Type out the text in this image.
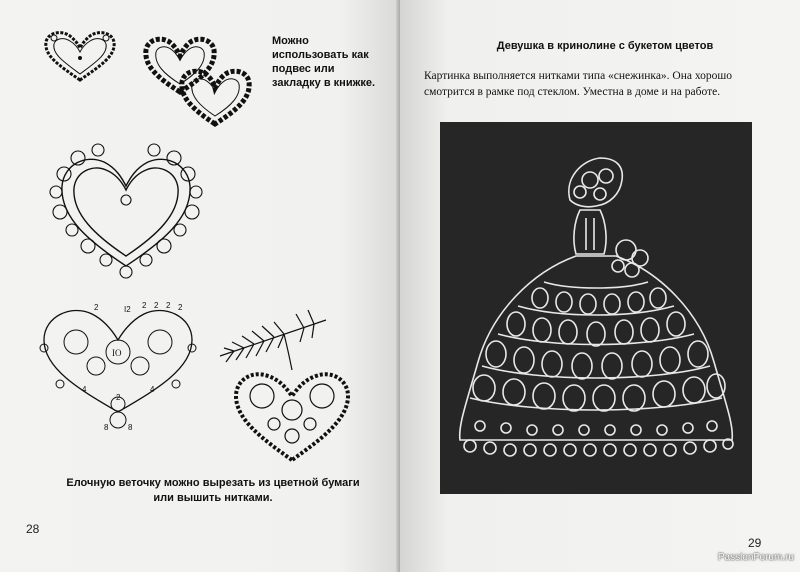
Можно использовать как подвес или закладку в книжке.
IO
2	I2 2 2 2 2
2
8 8
4	4
Елочную веточку можно вырезать из цветной бумаги или вышить нитками.
28
Девушка в кринолине с букетом цветов
Картинка выполняется нитками типа «снежинка». Она хорошо смотрится в рамке под стеклом. Уместна в доме и на работе.
29
PassionForum.ru
